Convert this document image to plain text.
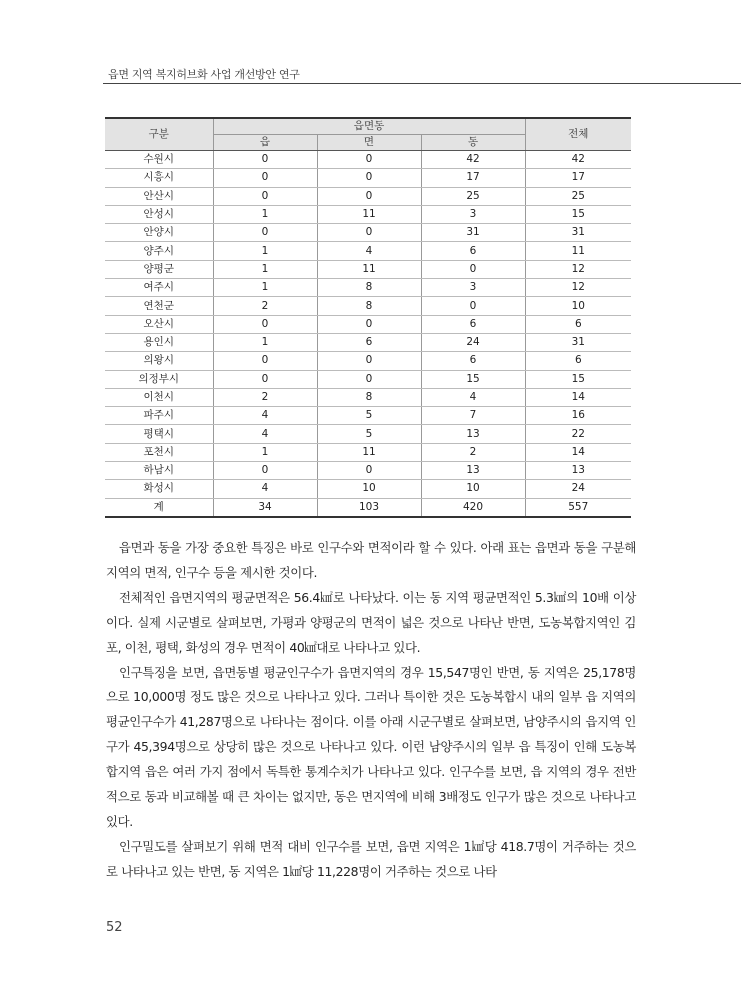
읍면 지역 복지허브화 사업 개선방안 연구
구분	읍면동			전체
	읍	면	동	
수원시	0	0	42	42
시흥시	0	0	17	17
안산시	0	0	25	25
안성시	1	11	3	15
안양시	0	0	31	31
양주시	1	4	6	11
양평군	1	11	0	12
여주시	1	8	3	12
연천군	2	8	0	10
오산시	0	0	6	6
용인시	1	6	24	31
의왕시	0	0	6	6
의정부시	0	0	15	15
이천시	2	8	4	14
파주시	4	5	7	16
평택시	4	5	13	22
포천시	1	11	2	14
하남시	0	0	13	13
화성시	4	10	10	24
계	34	103	420	557

읍면과 동을 가장 중요한 특징은 바로 인구수와 면적이라 할 수 있다. 아래 표는 읍면과 동을 구분해 지역의 면적, 인구수 등을 제시한 것이다.

전체적인 읍면지역의 평균면적은 56.4㎢로 나타났다. 이는 동 지역 평균면적인 5.3㎢의 10배 이상이다. 실제 시군별로 살펴보면, 가평과 양평군의 면적이 넓은 것으로 나타난 반면, 도농복합지역인 김포, 이천, 평택, 화성의 경우 면적이 40㎢대로 나타나고 있다.

인구특징을 보면, 읍면동별 평균인구수가 읍면지역의 경우 15,547명인 반면, 동 지역은 25,178명으로 10,000명 정도 많은 것으로 나타나고 있다. 그러나 특이한 것은 도농복합시 내의 일부 읍 지역의 평균인구수가 41,287명으로 나타나는 점이다. 이를 아래 시군구별로 살펴보면, 남양주시의 읍지역 인구가 45,394명으로 상당히 많은 것으로 나타나고 있다. 이런 남양주시의 일부 읍 특징이 인해 도농복합지역 읍은 여러 가지 점에서 독특한 통계수치가 나타나고 있다. 인구수를 보면, 읍 지역의 경우 전반적으로 동과 비교해볼 때 큰 차이는 없지만, 동은 면지역에 비해 3배정도 인구가 많은 것으로 나타나고 있다.

인구밀도를 살펴보기 위해 면적 대비 인구수를 보면, 읍면 지역은 1㎢당 418.7명이 거주하는 것으로 나타나고 있는 반면, 동 지역은 1㎢당 11,228명이 거주하는 것으로 나타

52
